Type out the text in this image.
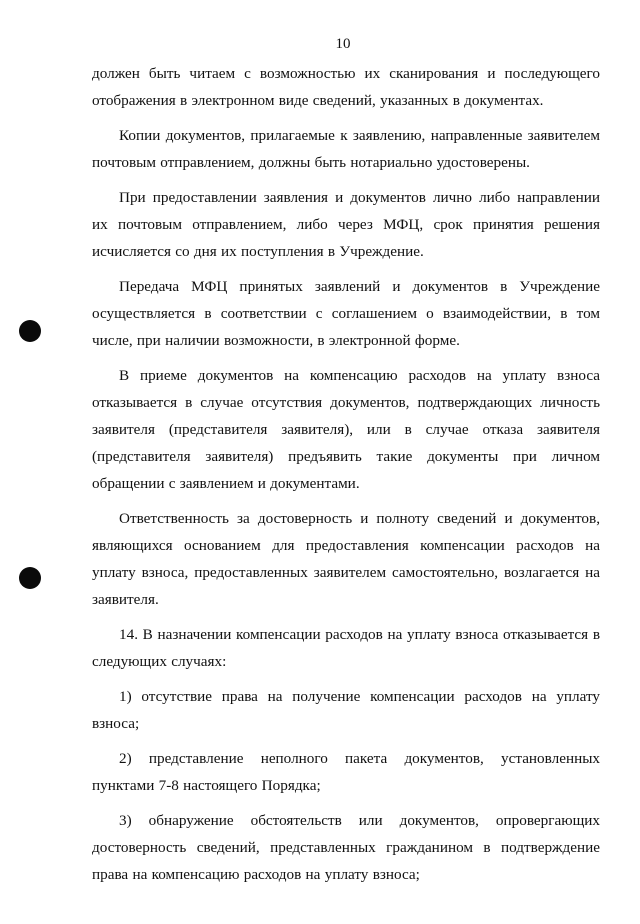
10

должен быть читаем с возможностью их сканирования и последующего отображения в электронном виде сведений, указанных в документах.

Копии документов, прилагаемые к заявлению, направленные заявителем почтовым отправлением, должны быть нотариально удостоверены.

При предоставлении заявления и документов лично либо направлении их почтовым отправлением, либо через МФЦ, срок принятия решения исчисляется со дня их поступления в Учреждение.

Передача МФЦ принятых заявлений и документов в Учреждение осуществляется в соответствии с соглашением о взаимодействии, в том числе, при наличии возможности, в электронной форме.

В приеме документов на компенсацию расходов на уплату взноса отказывается в случае отсутствия документов, подтверждающих личность заявителя (представителя заявителя), или в случае отказа заявителя (представителя заявителя) предъявить такие документы при личном обращении с заявлением и документами.

Ответственность за достоверность и полноту сведений и документов, являющихся основанием для предоставления компенсации расходов на уплату взноса, предоставленных заявителем самостоятельно, возлагается на заявителя.

14. В назначении компенсации расходов на уплату взноса отказывается в следующих случаях:

1) отсутствие права на получение компенсации расходов на уплату взноса;

2) представление неполного пакета документов, установленных пунктами 7-8 настоящего Порядка;

3) обнаружение обстоятельств или документов, опровергающих достоверность сведений, представленных гражданином в подтверждение права на компенсацию расходов на уплату взноса;
